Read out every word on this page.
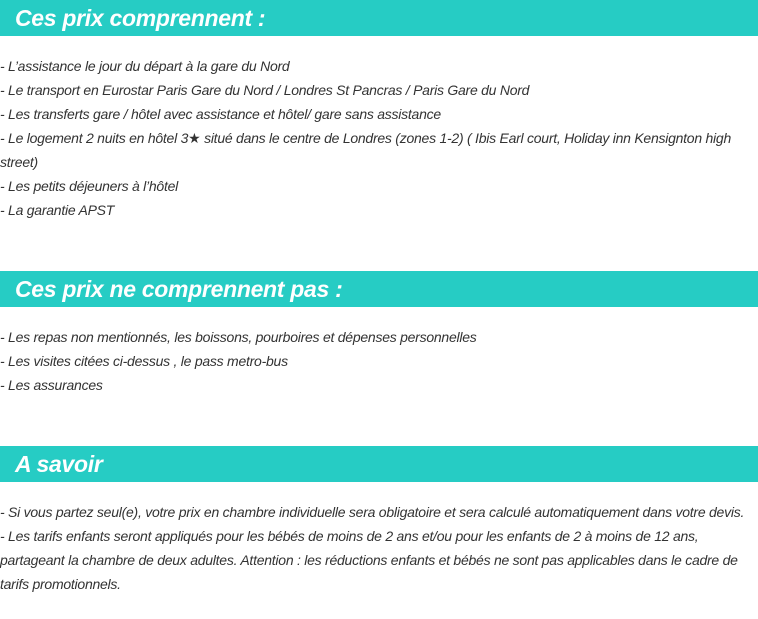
Ces prix comprennent :
- L’assistance le jour du départ à la gare du Nord
- Le transport en Eurostar Paris Gare du Nord / Londres St Pancras / Paris Gare du Nord
- Les transferts gare / hôtel avec assistance et hôtel/ gare sans assistance
- Le logement 2 nuits en hôtel 3★ situé dans le centre de Londres (zones 1-2) ( Ibis Earl court, Holiday inn Kensignton high street)
- Les petits déjeuners à l’hôtel
- La garantie APST
Ces prix ne comprennent pas :
- Les repas non mentionnés, les boissons, pourboires et dépenses personnelles
- Les visites citées ci-dessus , le pass metro-bus
- Les assurances
A savoir
- Si vous partez seul(e), votre prix en chambre individuelle sera obligatoire et sera calculé automatiquement dans votre devis.
- Les tarifs enfants seront appliqués pour les bébés de moins de 2 ans et/ou pour les enfants de 2 à moins de 12 ans, partageant la chambre de deux adultes. Attention : les réductions enfants et bébés ne sont pas applicables dans le cadre de tarifs promotionnels.
